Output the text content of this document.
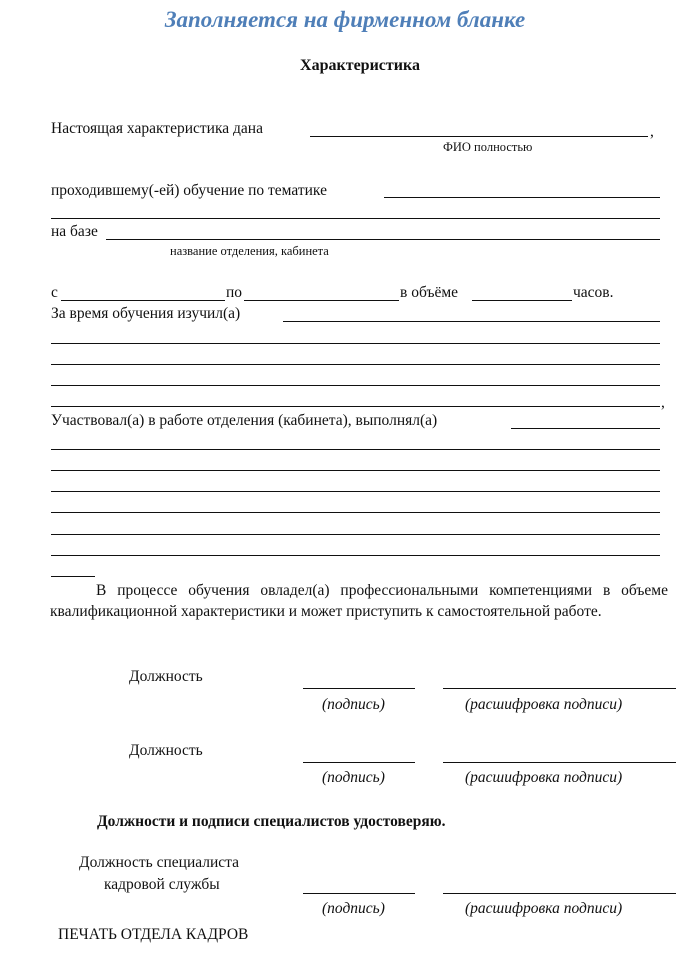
Заполняется на фирменном бланке
Характеристика
Настоящая характеристика дана	,
ФИО полностью
проходившему(-ей) обучение по тематике
на базе
название отделения, кабинета
с	по	в объёме	часов.
За время обучения изучил(а)
,
Участвовал(а) в работе отделения (кабинета), выполнял(а)
В процессе обучения овладел(а) профессиональными компетенциями в объеме квалификационной характеристики и может приступить к самостоятельной работе.
Должность
(подпись)	(расшифровка подписи)
Должность
(подпись)	(расшифровка подписи)
Должности и подписи специалистов удостоверяю.
Должность специалиста
кадровой службы
(подпись)	(расшифровка подписи)
ПЕЧАТЬ ОТДЕЛА КАДРОВ
